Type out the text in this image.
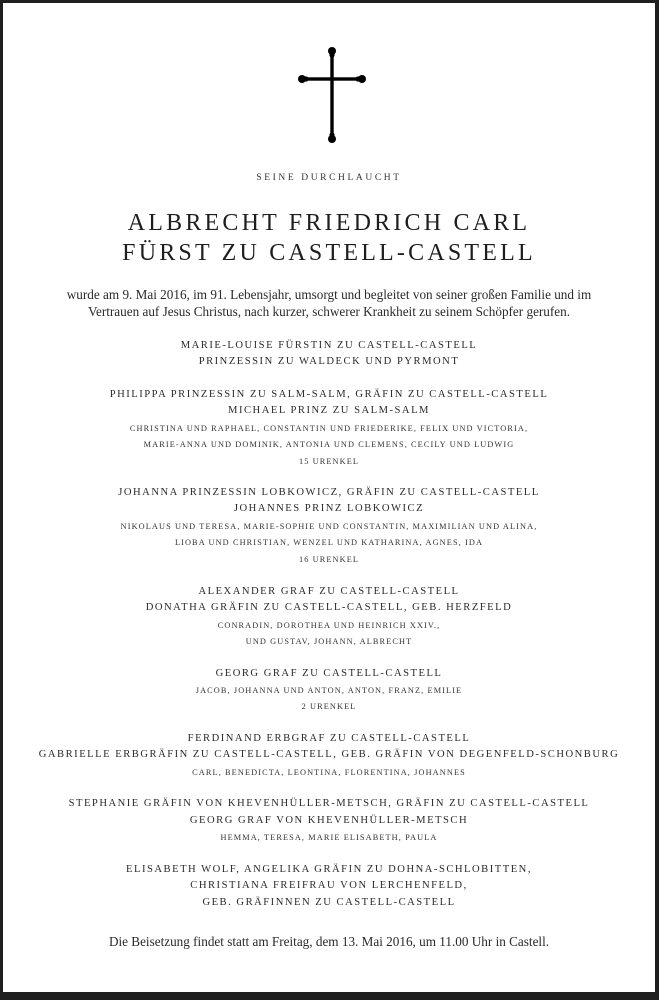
SEINE DURCHLAUCHT
ALBRECHT FRIEDRICH CARL
FÜRST ZU CASTELL-CASTELL
wurde am 9. Mai 2016, im 91. Lebensjahr, umsorgt und begleitet von seiner großen Familie und im
Vertrauen auf Jesus Christus, nach kurzer, schwerer Krankheit zu seinem Schöpfer gerufen.
MARIE-LOUISE FÜRSTIN ZU CASTELL-CASTELL
PRINZESSIN ZU WALDECK UND PYRMONT
PHILIPPA PRINZESSIN ZU SALM-SALM, GRÄFIN ZU CASTELL-CASTELL
MICHAEL PRINZ ZU SALM-SALM
CHRISTINA UND RAPHAEL, CONSTANTIN UND FRIEDERIKE, FELIX UND VICTORIA,
MARIE-ANNA UND DOMINIK, ANTONIA UND CLEMENS, CECILY UND LUDWIG
15 URENKEL
JOHANNA PRINZESSIN LOBKOWICZ, GRÄFIN ZU CASTELL-CASTELL
JOHANNES PRINZ LOBKOWICZ
NIKOLAUS UND TERESA, MARIE-SOPHIE UND CONSTANTIN, MAXIMILIAN UND ALINA,
LIOBA UND CHRISTIAN, WENZEL UND KATHARINA, AGNES, IDA
16 URENKEL
ALEXANDER GRAF ZU CASTELL-CASTELL
DONATHA GRÄFIN ZU CASTELL-CASTELL, GEB. HERZFELD
CONRADIN, DOROTHEA UND HEINRICH XXIV.,
UND GUSTAV, JOHANN, ALBRECHT
GEORG GRAF ZU CASTELL-CASTELL
JACOB, JOHANNA UND ANTON, ANTON, FRANZ, EMILIE
2 URENKEL
FERDINAND ERBGRAF ZU CASTELL-CASTELL
GABRIELLE ERBGRÄFIN ZU CASTELL-CASTELL, GEB. GRÄFIN VON DEGENFELD-SCHONBURG
CARL, BENEDICTA, LEONTINA, FLORENTINA, JOHANNES
STEPHANIE GRÄFIN VON KHEVENHÜLLER-METSCH, GRÄFIN ZU CASTELL-CASTELL
GEORG GRAF VON KHEVENHÜLLER-METSCH
HEMMA, TERESA, MARIE ELISABETH, PAULA
ELISABETH WOLF, ANGELIKA GRÄFIN ZU DOHNA-SCHLOBITTEN,
CHRISTIANA FREIFRAU VON LERCHENFELD,
GEB. GRÄFINNEN ZU CASTELL-CASTELL
Die Beisetzung findet statt am Freitag, dem 13. Mai 2016, um 11.00 Uhr in Castell.
